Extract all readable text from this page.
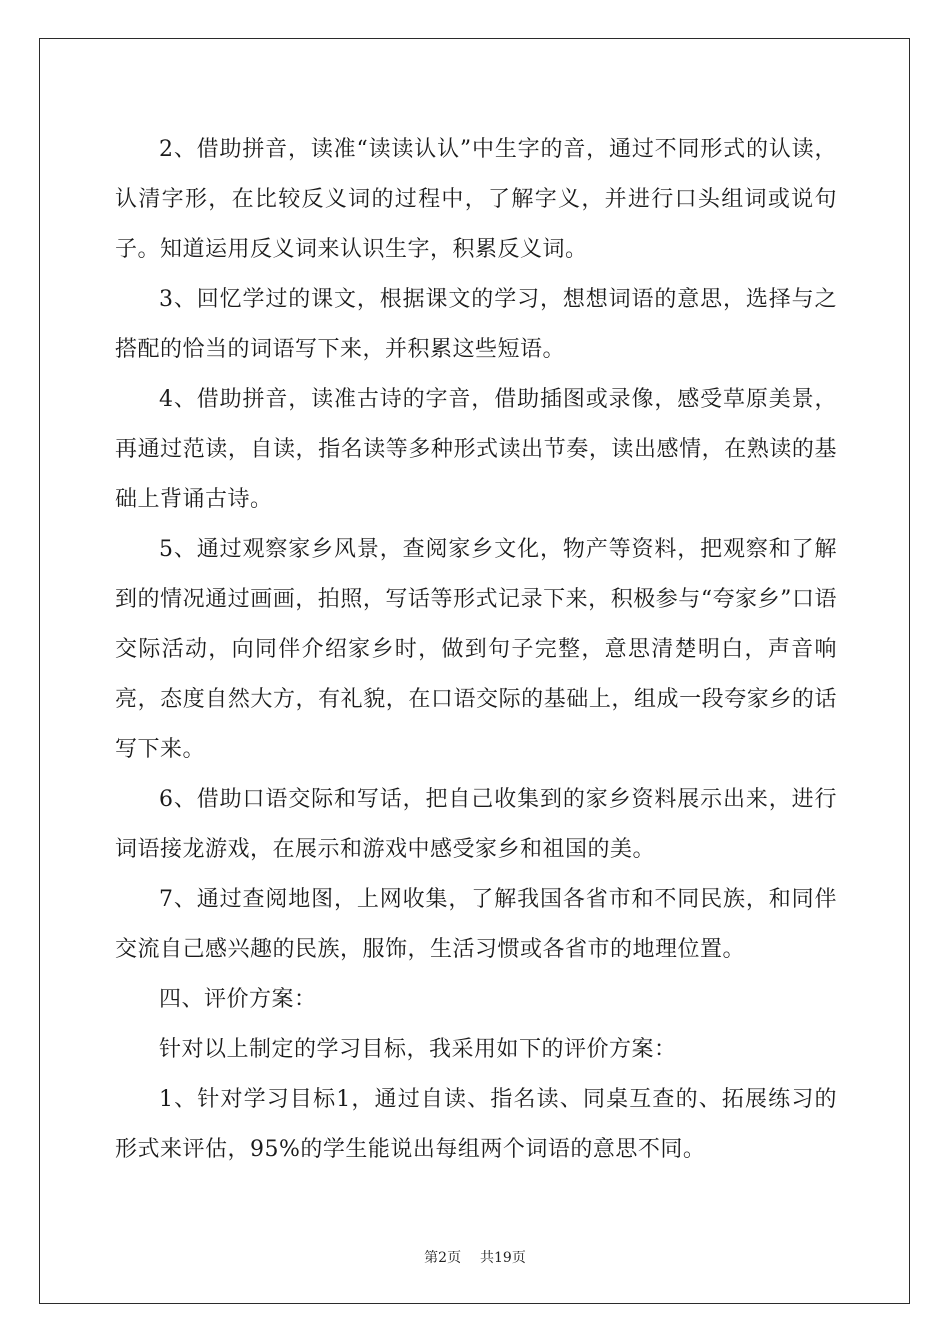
2、借助拼音，读准“读读认认”中生字的音，通过不同形式的认读，认清字形，在比较反义词的过程中，了解字义，并进行口头组词或说句子。知道运用反义词来认识生字，积累反义词。

3、回忆学过的课文，根据课文的学习，想想词语的意思，选择与之搭配的恰当的词语写下来，并积累这些短语。

4、借助拼音，读准古诗的字音，借助插图或录像，感受草原美景，再通过范读，自读，指名读等多种形式读出节奏，读出感情，在熟读的基础上背诵古诗。

5、通过观察家乡风景，查阅家乡文化，物产等资料，把观察和了解到的情况通过画画，拍照，写话等形式记录下来，积极参与“夸家乡”口语交际活动，向同伴介绍家乡时，做到句子完整，意思清楚明白，声音响亮，态度自然大方，有礼貌，在口语交际的基础上，组成一段夸家乡的话写下来。

6、借助口语交际和写话，把自己收集到的家乡资料展示出来，进行词语接龙游戏，在展示和游戏中感受家乡和祖国的美。

7、通过查阅地图，上网收集，了解我国各省市和不同民族，和同伴交流自己感兴趣的民族，服饰，生活习惯或各省市的地理位置。

四、评价方案：

针对以上制定的学习目标，我采用如下的评价方案：

1、针对学习目标1，通过自读、指名读、同桌互查的、拓展练习的形式来评估，95%的学生能说出每组两个词语的意思不同。

第2页 共19页
